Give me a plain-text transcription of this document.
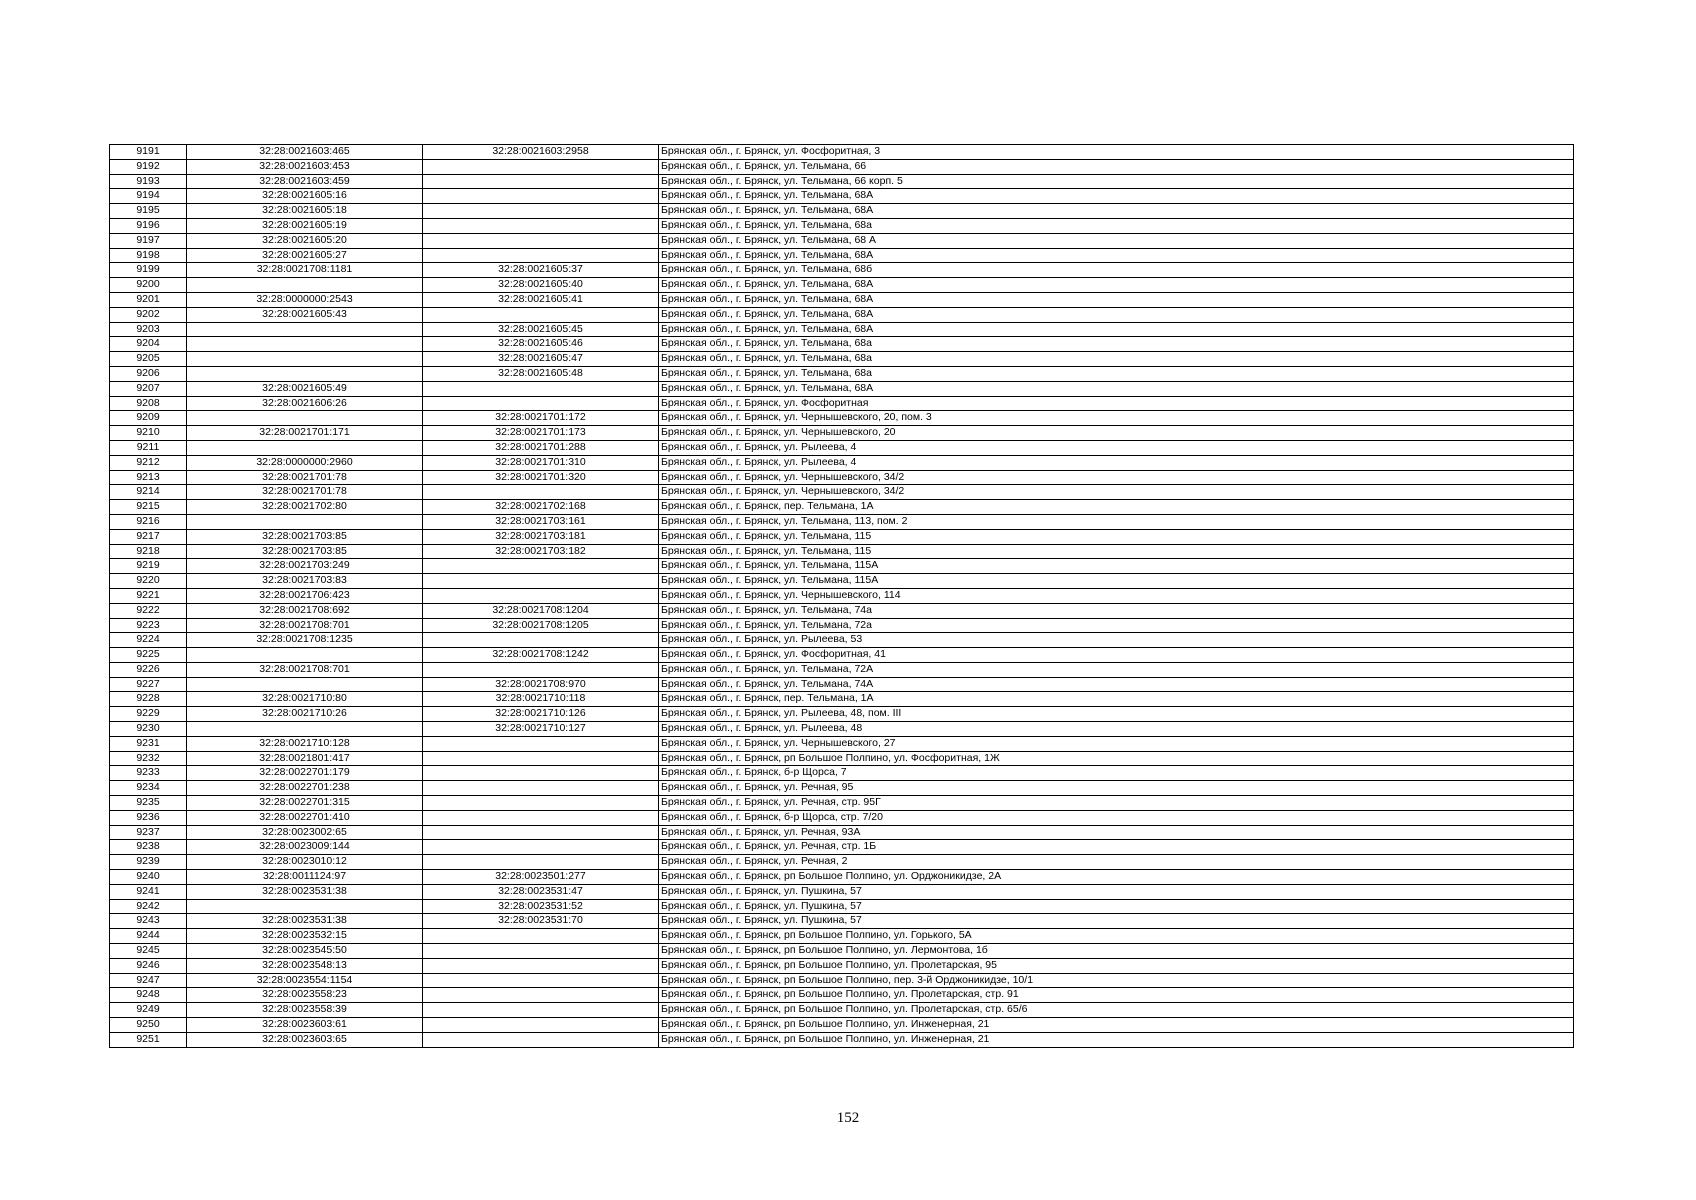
9191	32:28:0021603:465	32:28:0021603:2958	Брянская обл., г. Брянск, ул. Фосфоритная, 3
9192	32:28:0021603:453		Брянская обл., г. Брянск, ул. Тельмана, 66
9193	32:28:0021603:459		Брянская обл., г. Брянск, ул. Тельмана, 66 корп. 5
9194	32:28:0021605:16		Брянская обл., г. Брянск, ул. Тельмана, 68А
9195	32:28:0021605:18		Брянская обл., г. Брянск, ул. Тельмана, 68А
9196	32:28:0021605:19		Брянская обл., г. Брянск, ул. Тельмана, 68а
9197	32:28:0021605:20		Брянская обл., г. Брянск, ул. Тельмана, 68 А
9198	32:28:0021605:27		Брянская обл., г. Брянск, ул. Тельмана, 68А
9199	32:28:0021708:1181	32:28:0021605:37	Брянская обл., г. Брянск, ул. Тельмана, 68б
9200		32:28:0021605:40	Брянская обл., г. Брянск, ул. Тельмана, 68А
9201	32:28:0000000:2543	32:28:0021605:41	Брянская обл., г. Брянск, ул. Тельмана, 68А
9202	32:28:0021605:43		Брянская обл., г. Брянск, ул. Тельмана, 68А
9203		32:28:0021605:45	Брянская обл., г. Брянск, ул. Тельмана, 68А
9204		32:28:0021605:46	Брянская обл., г. Брянск, ул. Тельмана, 68а
9205		32:28:0021605:47	Брянская обл., г. Брянск, ул. Тельмана, 68а
9206		32:28:0021605:48	Брянская обл., г. Брянск, ул. Тельмана, 68а
9207	32:28:0021605:49		Брянская обл., г. Брянск, ул. Тельмана, 68А
9208	32:28:0021606:26		Брянская обл., г. Брянск, ул. Фосфоритная
9209		32:28:0021701:172	Брянская обл., г. Брянск, ул. Чернышевского, 20, пом. 3
9210	32:28:0021701:171	32:28:0021701:173	Брянская обл., г. Брянск, ул. Чернышевского, 20
9211		32:28:0021701:288	Брянская обл., г. Брянск, ул. Рылеева, 4
9212	32:28:0000000:2960	32:28:0021701:310	Брянская обл., г. Брянск, ул. Рылеева, 4
9213	32:28:0021701:78	32:28:0021701:320	Брянская обл., г. Брянск, ул. Чернышевского, 34/2
9214	32:28:0021701:78		Брянская обл., г. Брянск, ул. Чернышевского, 34/2
9215	32:28:0021702:80	32:28:0021702:168	Брянская обл., г. Брянск, пер. Тельмана, 1А
9216		32:28:0021703:161	Брянская обл., г. Брянск, ул. Тельмана, 113, пом. 2
9217	32:28:0021703:85	32:28:0021703:181	Брянская обл., г. Брянск, ул. Тельмана, 115
9218	32:28:0021703:85	32:28:0021703:182	Брянская обл., г. Брянск, ул. Тельмана, 115
9219	32:28:0021703:249		Брянская обл., г. Брянск, ул. Тельмана, 115А
9220	32:28:0021703:83		Брянская обл., г. Брянск, ул. Тельмана, 115А
9221	32:28:0021706:423		Брянская обл., г. Брянск, ул. Чернышевского, 114
9222	32:28:0021708:692	32:28:0021708:1204	Брянская обл., г. Брянск, ул. Тельмана, 74а
9223	32:28:0021708:701	32:28:0021708:1205	Брянская обл., г. Брянск, ул. Тельмана, 72а
9224	32:28:0021708:1235		Брянская обл., г. Брянск, ул. Рылеева, 53
9225		32:28:0021708:1242	Брянская обл., г. Брянск, ул. Фосфоритная, 41
9226	32:28:0021708:701		Брянская обл., г. Брянск, ул. Тельмана, 72А
9227		32:28:0021708:970	Брянская обл., г. Брянск, ул. Тельмана, 74А
9228	32:28:0021710:80	32:28:0021710:118	Брянская обл., г. Брянск, пер. Тельмана, 1А
9229	32:28:0021710:26	32:28:0021710:126	Брянская обл., г. Брянск, ул. Рылеева, 48, пом. III
9230		32:28:0021710:127	Брянская обл., г. Брянск, ул. Рылеева, 48
9231	32:28:0021710:128		Брянская обл., г. Брянск, ул. Чернышевского, 27
9232	32:28:0021801:417		Брянская обл., г. Брянск, рп Большое Полпино, ул. Фосфоритная, 1Ж
9233	32:28:0022701:179		Брянская обл., г. Брянск, б-р Щорса, 7
9234	32:28:0022701:238		Брянская обл., г. Брянск, ул. Речная, 95
9235	32:28:0022701:315		Брянская обл., г. Брянск, ул. Речная, стр. 95Г
9236	32:28:0022701:410		Брянская обл., г. Брянск, б-р Щорса, стр. 7/20
9237	32:28:0023002:65		Брянская обл., г. Брянск, ул. Речная, 93А
9238	32:28:0023009:144		Брянская обл., г. Брянск, ул. Речная, стр. 1Б
9239	32:28:0023010:12		Брянская обл., г. Брянск, ул. Речная, 2
9240	32:28:0011124:97	32:28:0023501:277	Брянская обл., г. Брянск, рп Большое Полпино, ул. Орджоникидзе, 2А
9241	32:28:0023531:38	32:28:0023531:47	Брянская обл., г. Брянск, ул. Пушкина, 57
9242		32:28:0023531:52	Брянская обл., г. Брянск, ул. Пушкина, 57
9243	32:28:0023531:38	32:28:0023531:70	Брянская обл., г. Брянск, ул. Пушкина, 57
9244	32:28:0023532:15		Брянская обл., г. Брянск, рп Большое Полпино, ул. Горького, 5А
9245	32:28:0023545:50		Брянская обл., г. Брянск, рп Большое Полпино, ул. Лермонтова, 1б
9246	32:28:0023548:13		Брянская обл., г. Брянск, рп Большое Полпино, ул. Пролетарская, 95
9247	32:28:0023554:1154		Брянская обл., г. Брянск, рп Большое Полпино, пер. 3-й Орджоникидзе, 10/1
9248	32:28:0023558:23		Брянская обл., г. Брянск, рп Большое Полпино, ул. Пролетарская, стр. 91
9249	32:28:0023558:39		Брянская обл., г. Брянск, рп Большое Полпино, ул. Пролетарская, стр. 65/6
9250	32:28:0023603:61		Брянская обл., г. Брянск, рп Большое Полпино, ул. Инженерная, 21
9251	32:28:0023603:65		Брянская обл., г. Брянск, рп Большое Полпино, ул. Инженерная, 21
152
